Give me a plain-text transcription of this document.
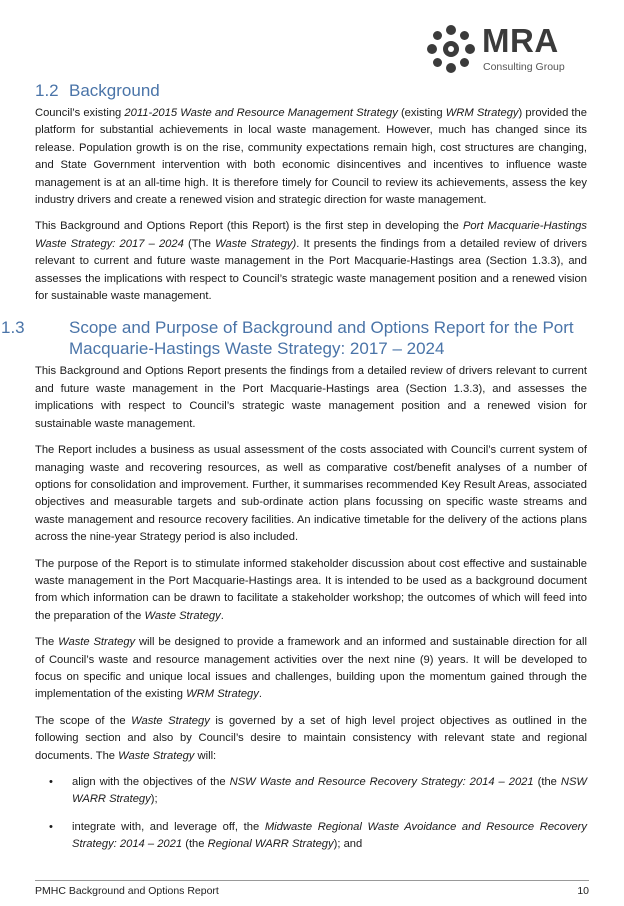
MRA
Consulting Group
1.2 Background

Council’s existing 2011-2015 Waste and Resource Management Strategy (existing WRM Strategy) provided the platform for substantial achievements in local waste management. However, much has changed since its release. Population growth is on the rise, community expectations remain high, cost structures are changing, and State Government intervention with both economic disincentives and incentives to influence waste management is at an all-time high. It is therefore timely for Council to review its achievements, assess the key industry drivers and create a renewed vision and strategic direction for waste management.

This Background and Options Report (this Report) is the first step in developing the Port Macquarie-Hastings Waste Strategy: 2017 – 2024 (The Waste Strategy). It presents the findings from a detailed review of drivers relevant to current and future waste management in the Port Macquarie-Hastings area (Section 1.3.3), and assesses the implications with respect to Council’s strategic waste management position and a renewed vision for sustainable waste management.

1.3	Scope and Purpose of Background and Options Report for the Port Macquarie-Hastings Waste Strategy: 2017 – 2024

This Background and Options Report presents the findings from a detailed review of drivers relevant to current and future waste management in the Port Macquarie-Hastings area (Section 1.3.3), and assesses the implications with respect to Council’s strategic waste management position and a renewed vision for sustainable waste management.

The Report includes a business as usual assessment of the costs associated with Council’s current system of managing waste and recovering resources, as well as comparative cost/benefit analyses of a number of options for consolidation and improvement. Further, it summarises recommended Key Result Areas, associated objectives and measurable targets and sub-ordinate action plans focussing on specific waste streams and waste management and resource recovery facilities. An indicative timetable for the delivery of the actions plans across the nine-year Strategy period is also included.

The purpose of the Report is to stimulate informed stakeholder discussion about cost effective and sustainable waste management in the Port Macquarie-Hastings area. It is intended to be used as a background document from which information can be drawn to facilitate a stakeholder workshop; the outcomes of which will feed into the preparation of the Waste Strategy.

The Waste Strategy will be designed to provide a framework and an informed and sustainable direction for all of Council’s waste and resource management activities over the next nine (9) years. It will be developed to focus on specific and unique local issues and challenges, building upon the momentum gained through the implementation of the existing WRM Strategy.

The scope of the Waste Strategy is governed by a set of high level project objectives as outlined in the following section and also by Council’s desire to maintain consistency with relevant state and regional documents. The Waste Strategy will:

• align with the objectives of the NSW Waste and Resource Recovery Strategy: 2014 – 2021 (the NSW WARR Strategy);
• integrate with, and leverage off, the Midwaste Regional Waste Avoidance and Resource Recovery Strategy: 2014 – 2021 (the Regional WARR Strategy); and
PMHC Background and Options Report	10
